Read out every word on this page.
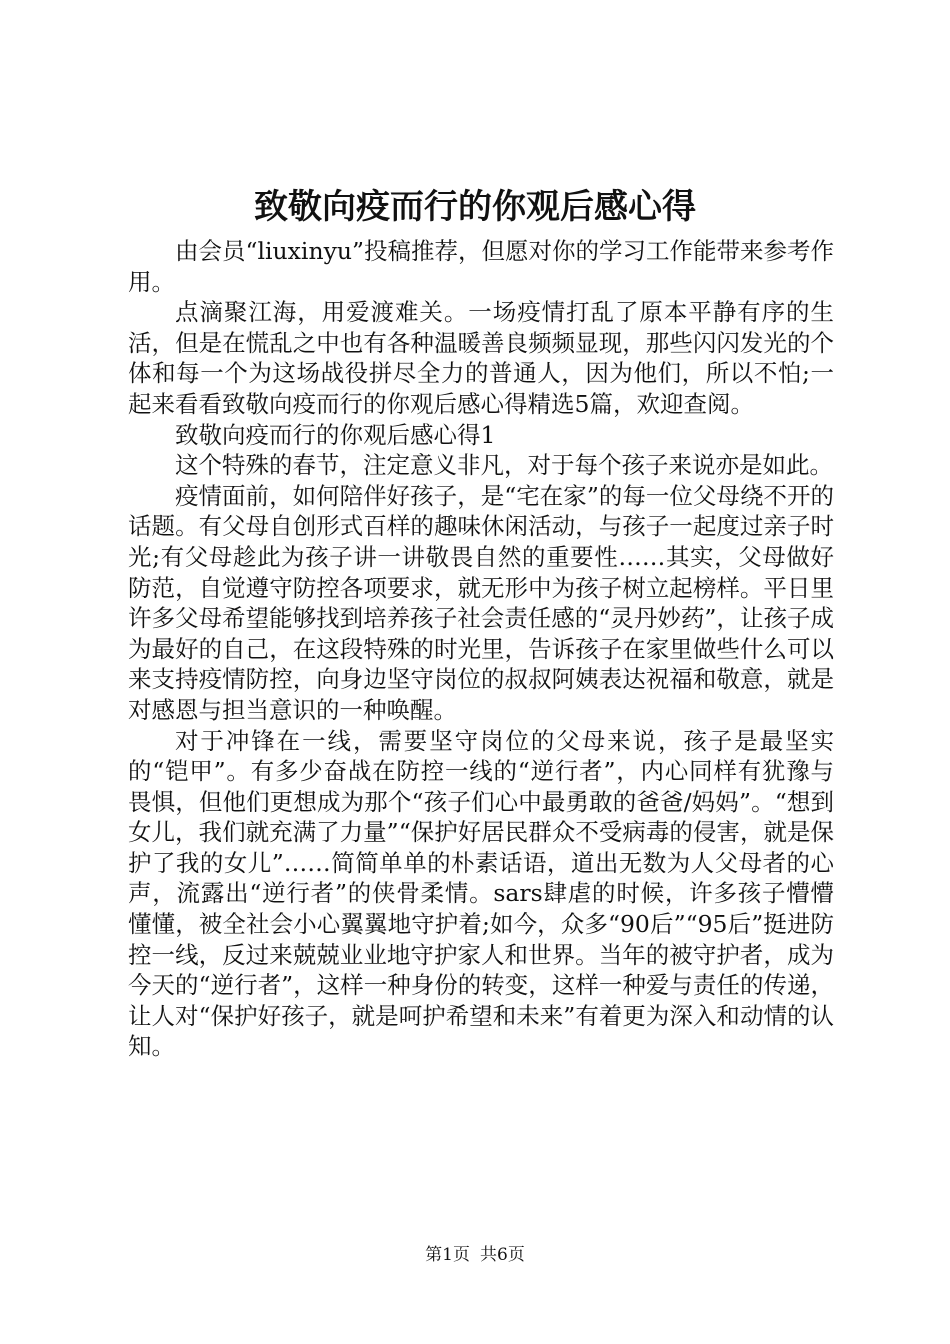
致敬向疫而行的你观后感心得

由会员“liuxinyu”投稿推荐，但愿对你的学习工作能带来参考作用。

点滴聚江海，用爱渡难关。一场疫情打乱了原本平静有序的生活，但是在慌乱之中也有各种温暖善良频频显现，那些闪闪发光的个体和每一个为这场战役拼尽全力的普通人，因为他们，所以不怕;一起来看看致敬向疫而行的你观后感心得精选5篇，欢迎查阅。

致敬向疫而行的你观后感心得1

这个特殊的春节，注定意义非凡，对于每个孩子来说亦是如此。

疫情面前，如何陪伴好孩子，是“宅在家”的每一位父母绕不开的话题。有父母自创形式百样的趣味休闲活动，与孩子一起度过亲子时光;有父母趁此为孩子讲一讲敬畏自然的重要性……其实，父母做好防范，自觉遵守防控各项要求，就无形中为孩子树立起榜样。平日里许多父母希望能够找到培养孩子社会责任感的“灵丹妙药”，让孩子成为最好的自己，在这段特殊的时光里，告诉孩子在家里做些什么可以来支持疫情防控，向身边坚守岗位的叔叔阿姨表达祝福和敬意，就是对感恩与担当意识的一种唤醒。

对于冲锋在一线，需要坚守岗位的父母来说，孩子是最坚实的“铠甲”。有多少奋战在防控一线的“逆行者”，内心同样有犹豫与畏惧，但他们更想成为那个“孩子们心中最勇敢的爸爸/妈妈”。“想到女儿，我们就充满了力量”“保护好居民群众不受病毒的侵害，就是保护了我的女儿”……简简单单的朴素话语，道出无数为人父母者的心声，流露出“逆行者”的侠骨柔情。sars肆虐的时候，许多孩子懵懵懂懂，被全社会小心翼翼地守护着;如今，众多“90后”“95后”挺进防控一线，反过来兢兢业业地守护家人和世界。当年的被守护者，成为今天的“逆行者”，这样一种身份的转变，这样一种爱与责任的传递，让人对“保护好孩子，就是呵护希望和未来”有着更为深入和动情的认知。

第1页 共6页
